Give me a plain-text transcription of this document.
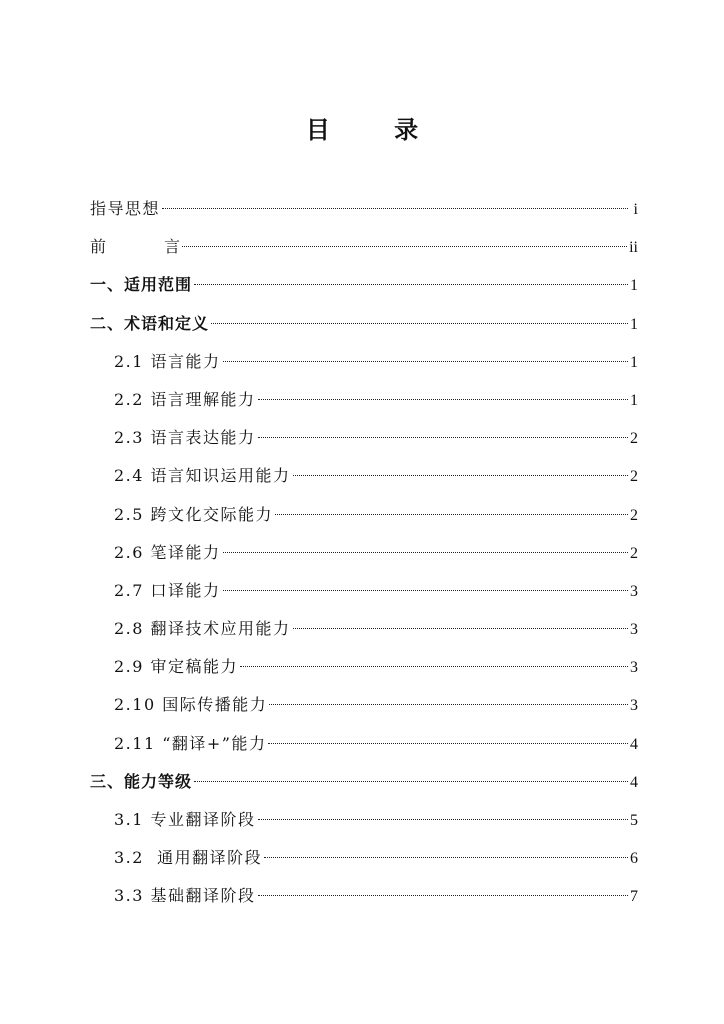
目 录
指导思想	i
前	言	ii
一、适用范围	1
二、术语和定义	1
2.1 语言能力	1
2.2 语言理解能力	1
2.3 语言表达能力	2
2.4 语言知识运用能力	2
2.5 跨文化交际能力	2
2.6 笔译能力	2
2.7 口译能力	3
2.8 翻译技术应用能力	3
2.9 审定稿能力	3
2.10 国际传播能力	3
2.11 “翻译+”能力	4
三、能力等级	4
3.1 专业翻译阶段	5
3.2  通用翻译阶段	6
3.3 基础翻译阶段	7
